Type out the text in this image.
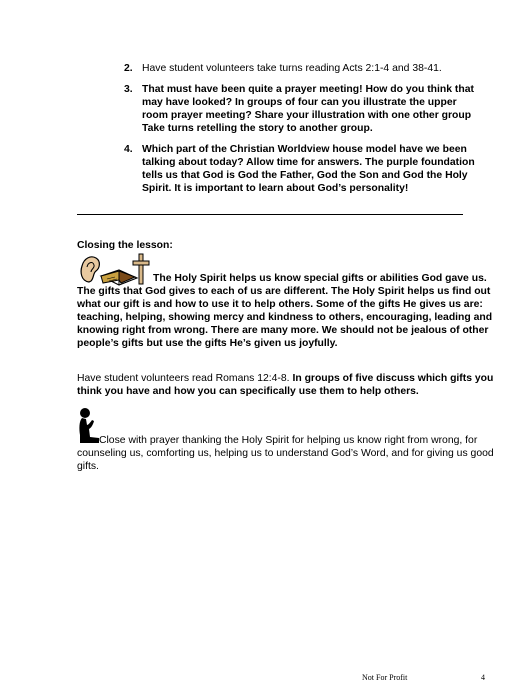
2. Have student volunteers take turns reading Acts 2:1-4 and 38-41.
3. That must have been quite a prayer meeting! How do you think that may have looked? In groups of four can you illustrate the upper room prayer meeting? Share your illustration with one other group Take turns retelling the story to another group.
4. Which part of the Christian Worldview house model have we been talking about today? Allow time for answers. The purple foundation tells us that God is God the Father, God the Son and God the Holy Spirit. It is important to learn about God’s personality!
Closing the lesson:
The Holy Spirit helps us know special gifts or abilities God gave us. The gifts that God gives to each of us are different. The Holy Spirit helps us find out what our gift is and how to use it to help others. Some of the gifts He gives us are: teaching, helping, showing mercy and kindness to others, encouraging, leading and knowing right from wrong. There are many more. We should not be jealous of other people’s gifts but use the gifts He’s given us joyfully.
Have student volunteers read Romans 12:4-8. In groups of five discuss which gifts you think you have and how you can specifically use them to help others.
Close with prayer thanking the Holy Spirit for helping us know right from wrong, for counseling us, comforting us, helping us to understand God’s Word, and for giving us good gifts.
Not For Profit	4
